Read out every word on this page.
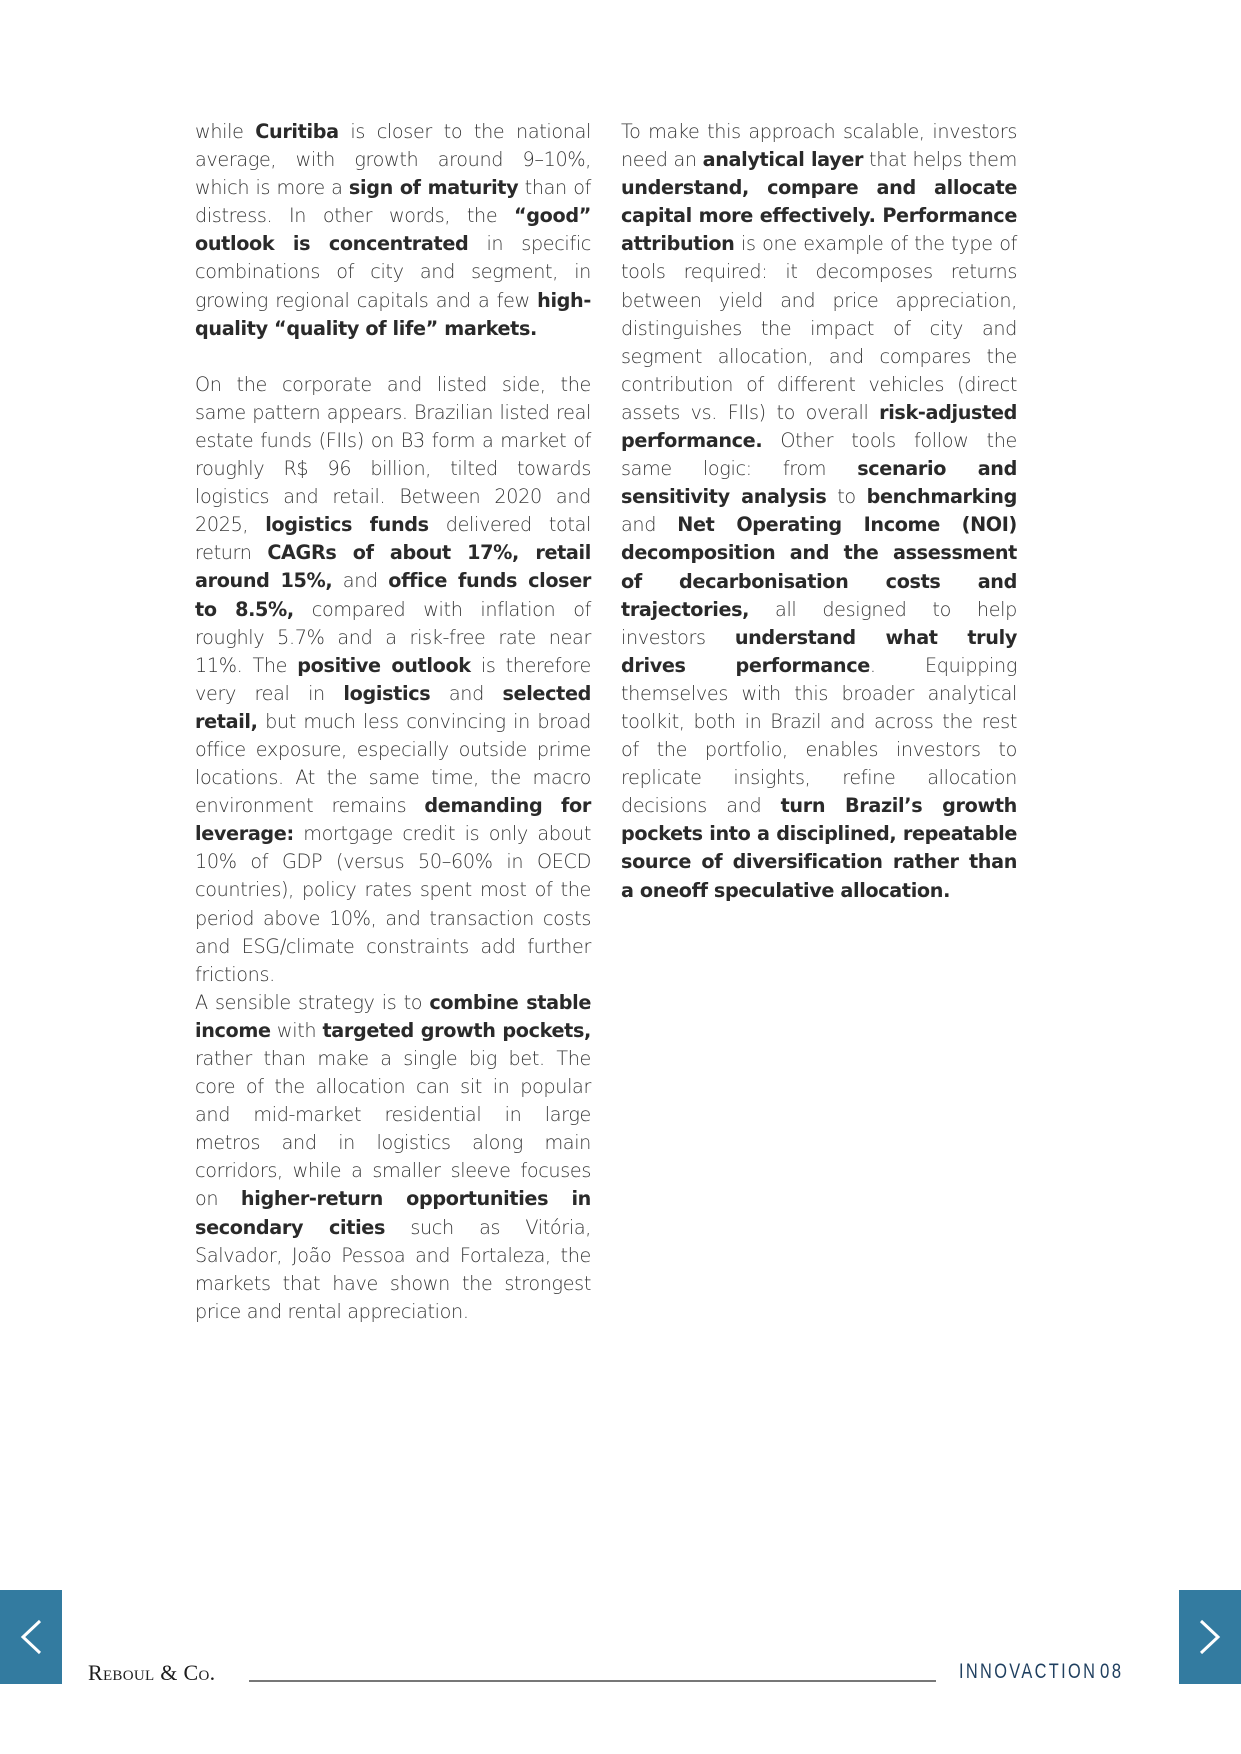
while Curitiba is closer to the national average, with growth around 9–10%, which is more a sign of maturity than of distress. In other words, the “good” outlook is concentrated in specific combinations of city and segment, in growing regional capitals and a few high-quality “quality of life” markets.

On the corporate and listed side, the same pattern appears. Brazilian listed real estate funds (FIIs) on B3 form a market of roughly R$ 96 billion, tilted towards logistics and retail. Between 2020 and 2025, logistics funds delivered total return CAGRs of about 17%, retail around 15%, and office funds closer to 8.5%, compared with inflation of roughly 5.7% and a risk-free rate near 11%. The positive outlook is therefore very real in logistics and selected retail, but much less convincing in broad office exposure, especially outside prime locations. At the same time, the macro environment remains demanding for leverage: mortgage credit is only about 10% of GDP (versus 50–60% in OECD countries), policy rates spent most of the period above 10%, and transaction costs and ESG/climate constraints add further frictions.

A sensible strategy is to combine stable income with targeted growth pockets, rather than make a single big bet. The core of the allocation can sit in popular and mid-market residential in large metros and in logistics along main corridors, while a smaller sleeve focuses on higher-return opportunities in secondary cities such as Vitória, Salvador, João Pessoa and Fortaleza, the markets that have shown the strongest price and rental appreciation.

To make this approach scalable, investors need an analytical layer that helps them understand, compare and allocate capital more effectively. Performance attribution is one example of the type of tools required: it decomposes returns between yield and price appreciation, distinguishes the impact of city and segment allocation, and compares the contribution of different vehicles (direct assets vs. FIIs) to overall risk-adjusted performance. Other tools follow the same logic: from scenario and sensitivity analysis to benchmarking and Net Operating Income (NOI) decomposition and the assessment of decarbonisation costs and trajectories, all designed to help investors understand what truly drives performance. Equipping themselves with this broader analytical toolkit, both in Brazil and across the rest of the portfolio, enables investors to replicate insights, refine allocation decisions and turn Brazil’s growth pockets into a disciplined, repeatable source of diversification rather than a oneoff speculative allocation.

Reboul & Co.	INNOVACTION 08
